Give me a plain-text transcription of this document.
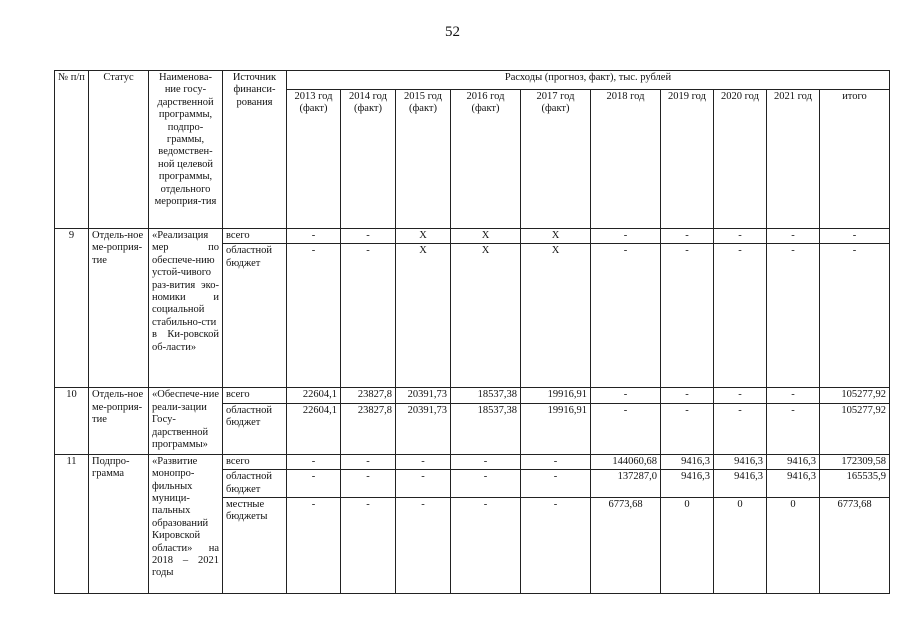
52
№ п/п	Статус	Наименова-ние госу-дарственной программы, подпро-граммы, ведомствен-ной целевой программы, отдельного мероприя-тия	Источник финанси-рования	Расходы (прогноз, факт), тыс. рублей									
				2013 год (факт)	2014 год (факт)	2015 год (факт)	2016 год (факт)	2017 год (факт)	2018 год	2019 год	2020 год	2021 год	итого
9	Отдель-ное ме-роприя-тие	«Реализация мер по обеспече-нию устой-чивого раз-вития эко-номики и социальной стабильно-сти в Ки-ровской об-ласти»	всего	-	-	X	X	X	-	-	-	-	-
			областной бюджет	-	-	X	X	X	-	-	-	-	-
10	Отдель-ное ме-роприя-тие	«Обеспече-ние реали-зации Госу-дарственной программы»	всего	22604,1	23827,8	20391,73	18537,38	19916,91	-	-	-	-	105277,92
			областной бюджет	22604,1	23827,8	20391,73	18537,38	19916,91	-	-	-	-	105277,92
11	Подпро-грамма	«Развитие монопро-фильных муници-пальных образований Кировской области» на 2018 – 2021 годы	всего	-	-	-	-	-	144060,68	9416,3	9416,3	9416,3	172309,58
			областной бюджет	-	-	-	-	-	137287,0	9416,3	9416,3	9416,3	165535,9
			местные бюджеты	-	-	-	-	-	6773,68	0	0	0	6773,68
